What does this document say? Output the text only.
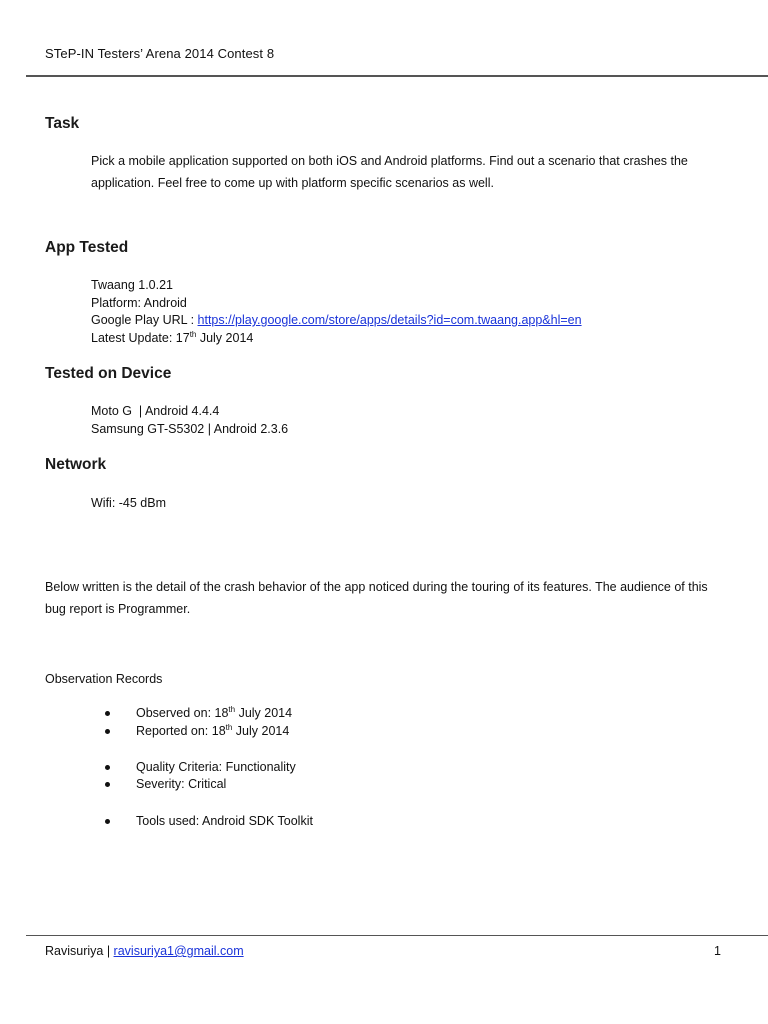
STeP-IN Testers’ Arena 2014 Contest 8
Task
Pick a mobile application supported on both iOS and Android platforms. Find out a scenario that crashes the application. Feel free to come up with platform specific scenarios as well.
App Tested
Twaang 1.0.21
Platform: Android
Google Play URL : https://play.google.com/store/apps/details?id=com.twaang.app&hl=en
Latest Update: 17th July 2014
Tested on Device
Moto G  | Android 4.4.4
Samsung GT-S5302 | Android 2.3.6
Network
Wifi: -45 dBm
Below written is the detail of the crash behavior of the app noticed during the touring of its features. The audience of this bug report is Programmer.
Observation Records
Observed on: 18th July 2014
Reported on: 18th July 2014
Quality Criteria: Functionality
Severity: Critical
Tools used: Android SDK Toolkit
Ravisuriya | ravisuriya1@gmail.com	1
